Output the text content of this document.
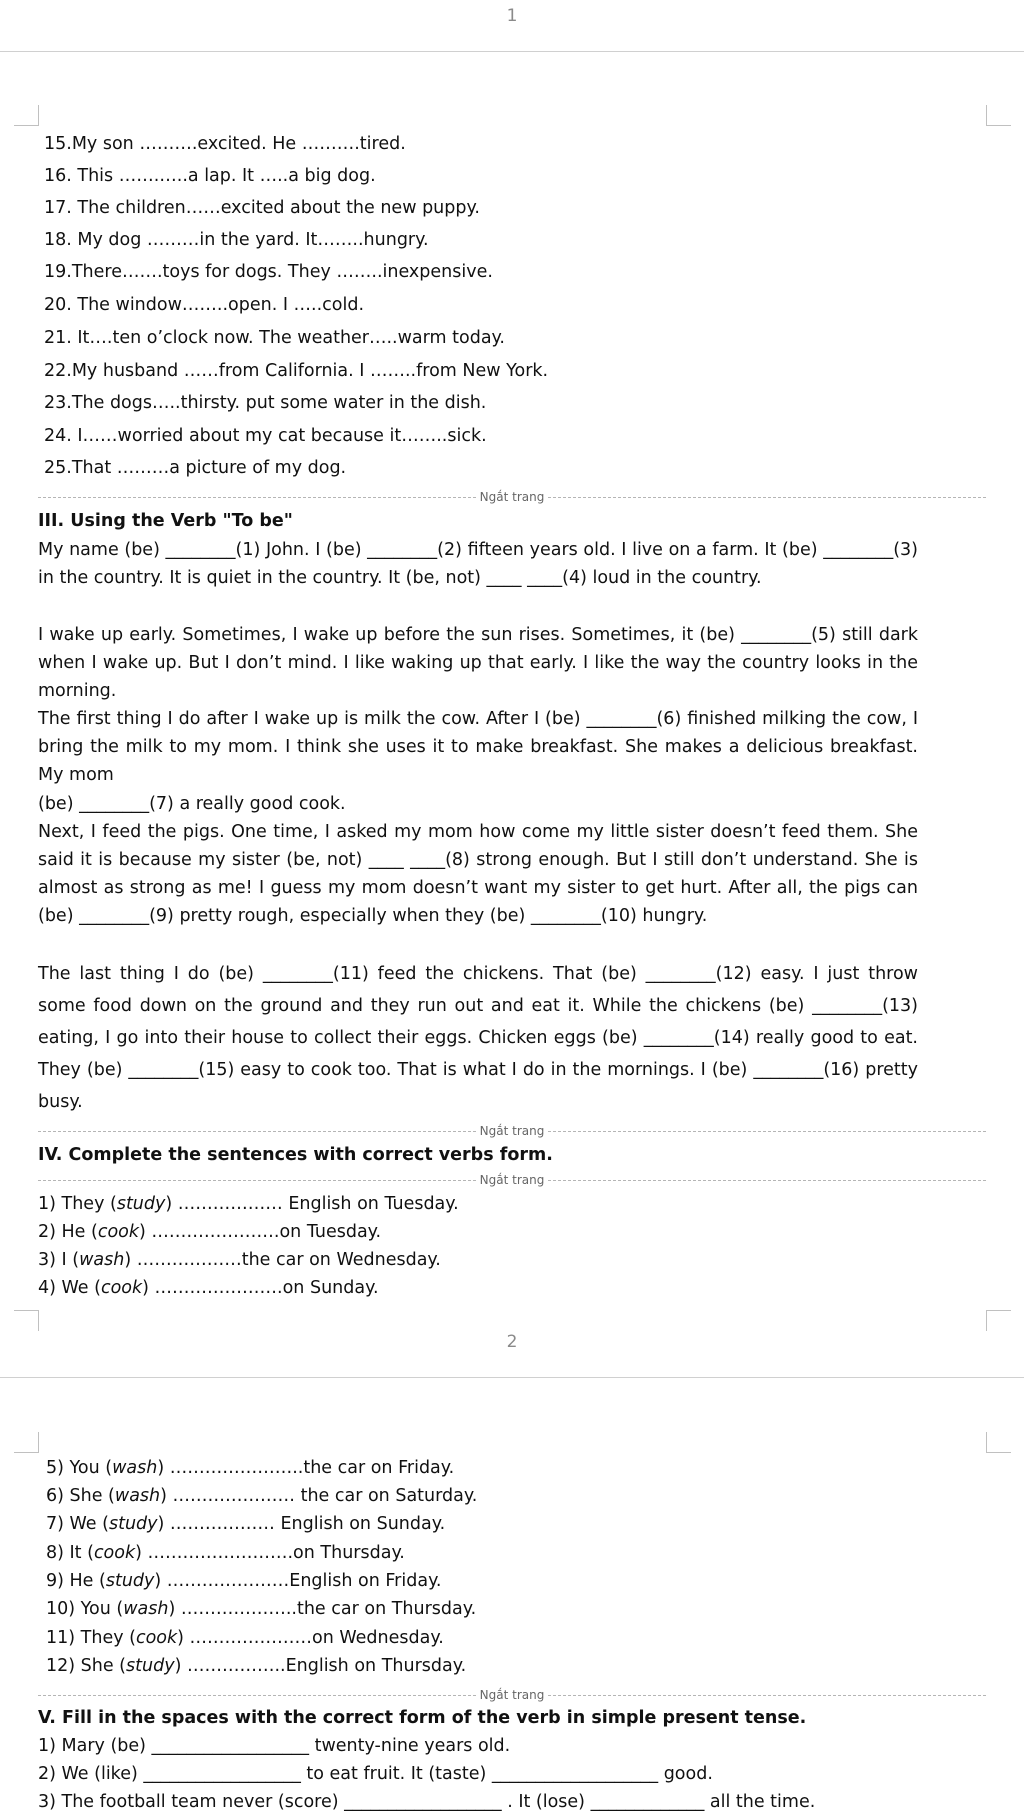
1
15.My son ……….excited. He ……….tired.
16. This …….…..a lap. It …..a big dog.
17. The children……excited about the new puppy.
18. My dog ………in the yard. It……..hungry.
19.There…….toys for dogs. They ……..inexpensive.
20. The window……..open. I …..cold.
21. It….ten o’clock now. The weather…..warm today.
22.My husband ……from California. I ……..from New York.
23.The dogs…..thirsty. put some water in the dish.
24. I……worried about my cat because it……..sick.
25.That ………a picture of my dog.
Ngắt trang
III. Using the Verb "To be"
My name (be) ________(1) John. I (be) ________(2) fifteen years old. I live on a farm. It (be) ________(3) in the country. It is quiet in the country. It (be, not) ____ ____(4) loud in the country.
I wake up early. Sometimes, I wake up before the sun rises. Sometimes, it (be) ________(5) still dark when I wake up. But I don’t mind. I like waking up that early. I like the way the country looks in the morning.
The first thing I do after I wake up is milk the cow. After I (be) ________(6) finished milking the cow, I bring the milk to my mom. I think she uses it to make breakfast. She makes a delicious breakfast. My mom
(be) ________(7) a really good cook.
Next, I feed the pigs. One time, I asked my mom how come my little sister doesn’t feed them. She said it is because my sister (be, not) ____ ____(8) strong enough. But I still don’t understand. She is almost as strong as me! I guess my mom doesn’t want my sister to get hurt. After all, the pigs can (be) ________(9) pretty rough, especially when they (be) ________(10) hungry.
The last thing I do (be) ________(11) feed the chickens. That (be) ________(12) easy. I just throw some food down on the ground and they run out and eat it. While the chickens (be) ________(13) eating, I go into their house to collect their eggs. Chicken eggs (be) ________(14) really good to eat. They (be) ________(15) easy to cook too. That is what I do in the mornings. I (be) ________(16) pretty busy.
Ngắt trang
IV. Complete the sentences with correct verbs form.
Ngắt trang
1) They (study) ……………… English on Tuesday.
2) He (cook) ………………….on Tuesday.
3) I (wash) ………………the car on Wednesday.
4) We (cook) ………………….on Sunday.
2
5) You (wash) …………………..the car on Friday.
6) She (wash) ………………… the car on Saturday.
7) We (study) ……………… English on Sunday.
8) It (cook) …………………….on Thursday.
9) He (study) …………………English on Friday.
10) You (wash) ………………..the car on Thursday.
11) They (cook) …………………on Wednesday.
12) She (study) ……………..English on Thursday.
Ngắt trang
V. Fill in the spaces with the correct form of the verb in simple present tense.
1) Mary (be) __________________ twenty-nine years old.
2) We (like) __________________ to eat fruit. It (taste) ___________________ good.
3) The football team never (score) __________________ . It (lose) _____________ all the time.
